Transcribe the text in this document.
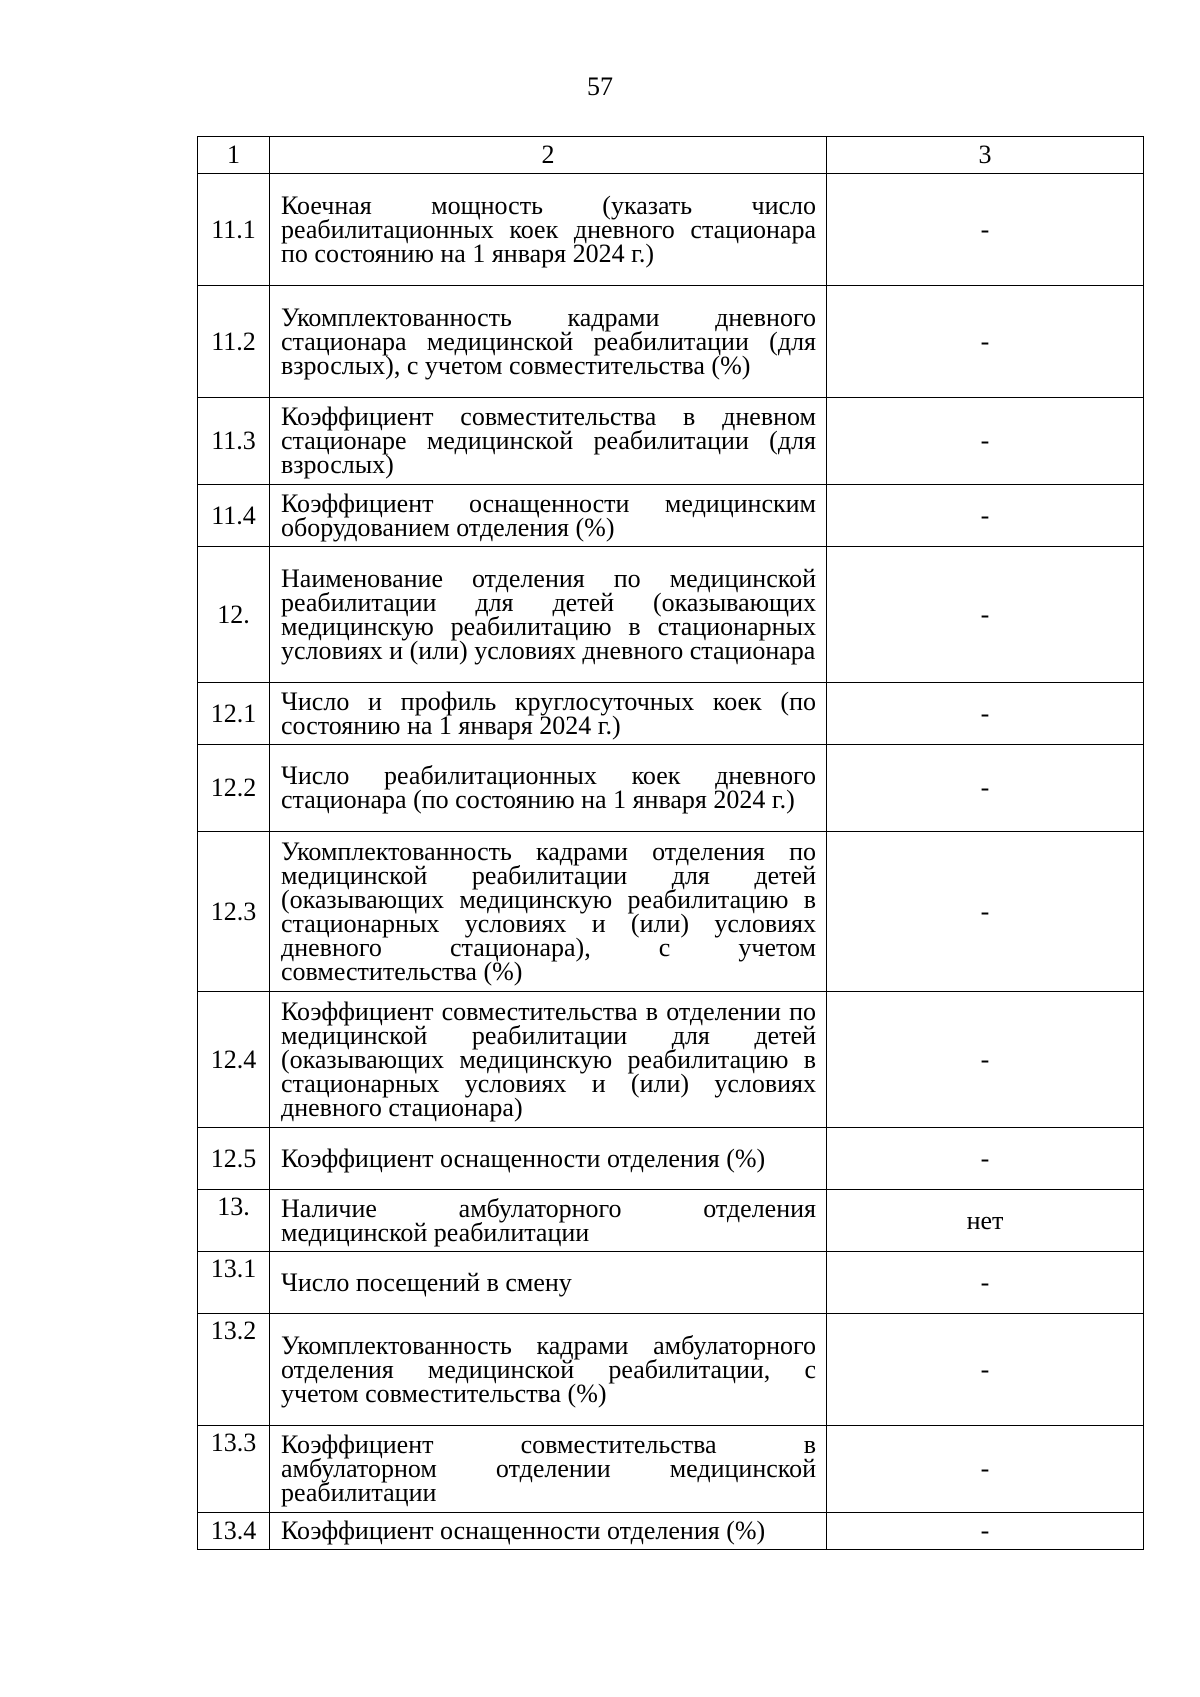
57
1	2	3
11.1	Коечная мощность (указать число реабилитационных коек дневного стационара по состоянию на 1 января 2024 г.)	-
11.2	Укомплектованность кадрами дневного стационара медицинской реабилитации (для взрослых), с учетом совместительства (%)	-
11.3	Коэффициент совместительства в дневном стационаре медицинской реабилитации (для взрослых)	-
11.4	Коэффициент оснащенности медицинским оборудованием отделения (%)	-
12.	Наименование отделения по медицинской реабилитации для детей (оказывающих медицинскую реабилитацию в стационарных условиях и (или) условиях дневного стационара	-
12.1	Число и профиль круглосуточных коек (по состоянию на 1 января 2024 г.)	-
12.2	Число реабилитационных коек дневного стационара (по состоянию на 1 января 2024 г.)	-
12.3	Укомплектованность кадрами отделения по медицинской реабилитации для детей (оказывающих медицинскую реабилитацию в стационарных условиях и (или) условиях дневного стационара), с учетом совместительства (%)	-
12.4	Коэффициент совместительства в отделении по медицинской реабилитации для детей (оказывающих медицинскую реабилитацию в стационарных условиях и (или) условиях дневного стационара)	-
12.5	Коэффициент оснащенности отделения (%)	-
13.	Наличие амбулаторного отделения медицинской реабилитации	нет
13.1	Число посещений в смену	-
13.2	Укомплектованность кадрами амбулаторного отделения медицинской реабилитации, с учетом совместительства (%)	-
13.3	Коэффициент совместительства в амбулаторном отделении медицинской реабилитации	-
13.4	Коэффициент оснащенности отделения (%)	-
